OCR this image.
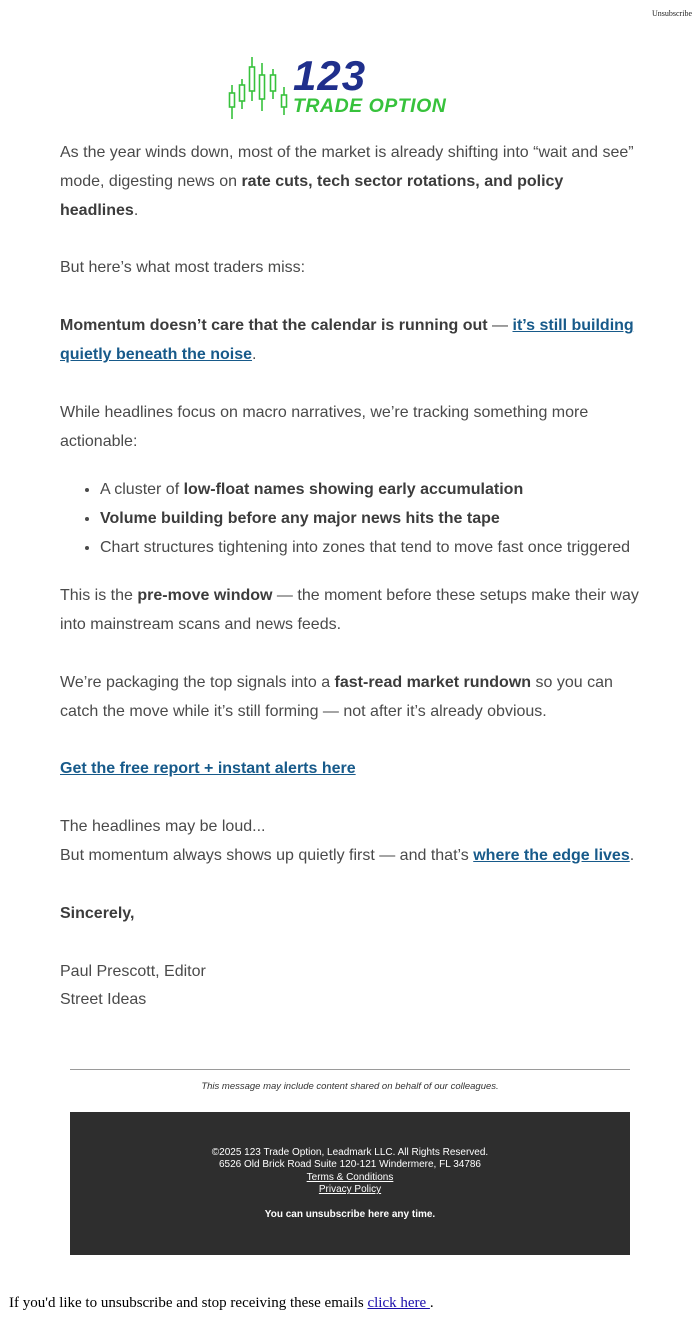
Unsubscribe
123
TRADE OPTION

As the year winds down, most of the market is already shifting into “wait and see” mode, digesting news on rate cuts, tech sector rotations, and policy headlines.

But here’s what most traders miss:

Momentum doesn’t care that the calendar is running out — it’s still building quietly beneath the noise.

While headlines focus on macro narratives, we’re tracking something more actionable:

• A cluster of low-float names showing early accumulation
• Volume building before any major news hits the tape
• Chart structures tightening into zones that tend to move fast once triggered

This is the pre-move window — the moment before these setups make their way into mainstream scans and news feeds.

We’re packaging the top signals into a fast-read market rundown so you can catch the move while it’s still forming — not after it’s already obvious.

Get the free report + instant alerts here

The headlines may be loud...
But momentum always shows up quietly first — and that’s where the edge lives.

Sincerely,

Paul Prescott, Editor
Street Ideas

This message may include content shared on behalf of our colleagues.
©2025 123 Trade Option, Leadmark LLC. All Rights Reserved.
6526 Old Brick Road Suite 120-121 Windermere, FL 34786
Terms & Conditions
Privacy Policy
You can unsubscribe here any time.
If you'd like to unsubscribe and stop receiving these emails click here .
